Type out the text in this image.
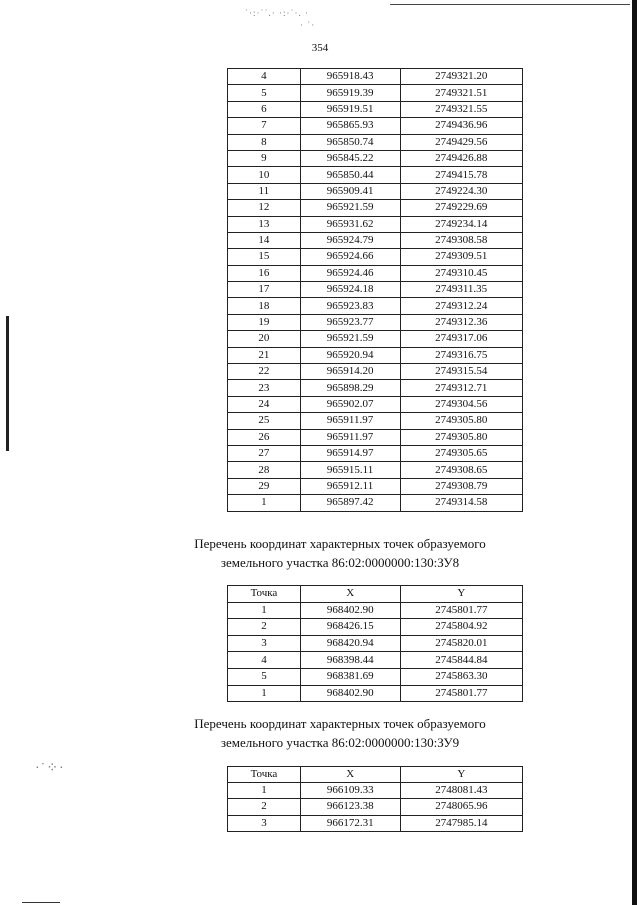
˙·:·˙˙.· ·:·˙·. ·
· ˙·
·˙⁘·
354
4	965918.43	2749321.20
5	965919.39	2749321.51
6	965919.51	2749321.55
7	965865.93	2749436.96
8	965850.74	2749429.56
9	965845.22	2749426.88
10	965850.44	2749415.78
11	965909.41	2749224.30
12	965921.59	2749229.69
13	965931.62	2749234.14
14	965924.79	2749308.58
15	965924.66	2749309.51
16	965924.46	2749310.45
17	965924.18	2749311.35
18	965923.83	2749312.24
19	965923.77	2749312.36
20	965921.59	2749317.06
21	965920.94	2749316.75
22	965914.20	2749315.54
23	965898.29	2749312.71
24	965902.07	2749304.56
25	965911.97	2749305.80
26	965911.97	2749305.80
27	965914.97	2749305.65
28	965915.11	2749308.65
29	965912.11	2749308.79
1	965897.42	2749314.58
Перечень координат характерных точек образуемого
земельного участка 86:02:0000000:130:ЗУ8
Точка	X	Y
1	968402.90	2745801.77
2	968426.15	2745804.92
3	968420.94	2745820.01
4	968398.44	2745844.84
5	968381.69	2745863.30
1	968402.90	2745801.77
Перечень координат характерных точек образуемого
земельного участка 86:02:0000000:130:ЗУ9
Точка	X	Y
1	966109.33	2748081.43
2	966123.38	2748065.96
3	966172.31	2747985.14
